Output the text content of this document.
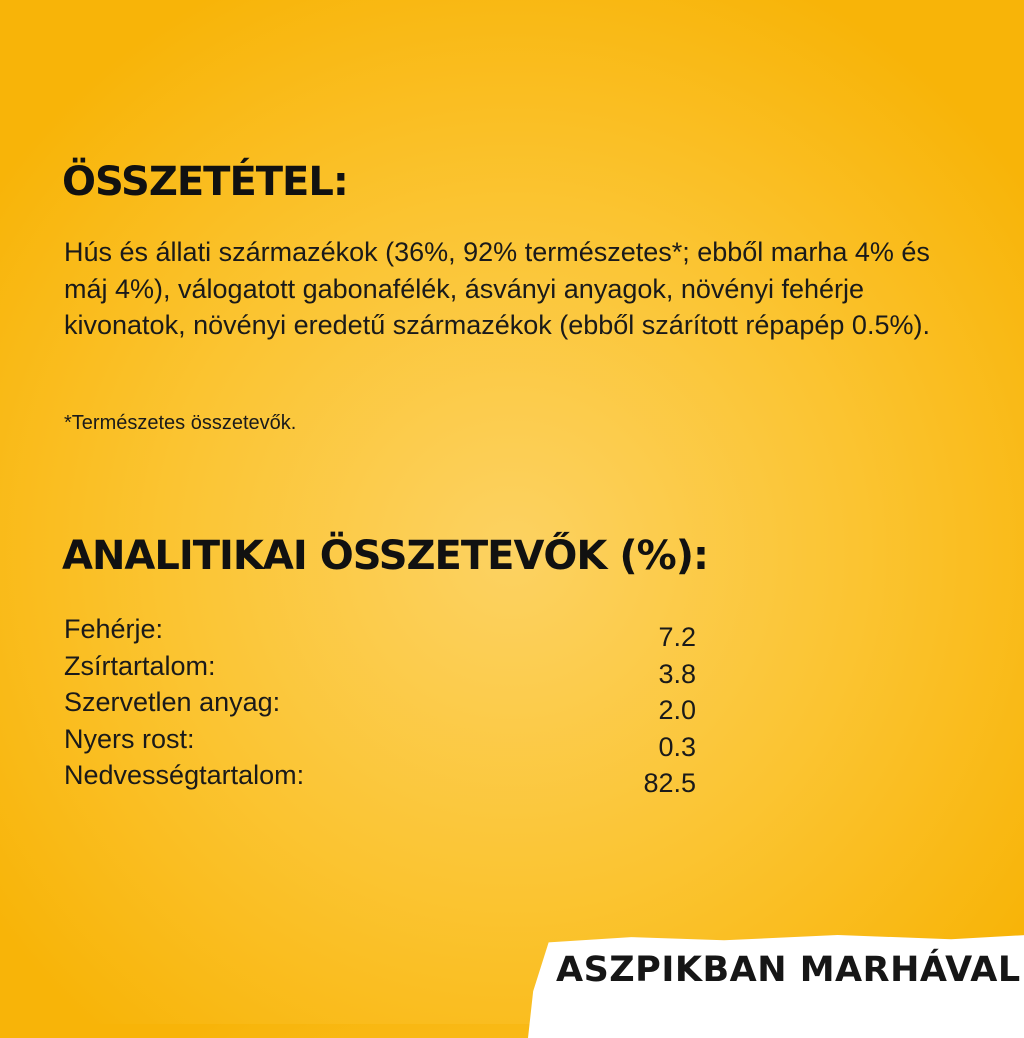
ÖSSZETÉTEL:

Hús és állati származékok (36%, 92% természetes*; ebből marha 4% és máj 4%), válogatott gabonafélék, ásványi anyagok, növényi fehérje kivonatok, növényi eredetű származékok (ebből szárított répapép 0.5%).

*Természetes összetevők.

ANALITIKAI ÖSSZETEVŐK (%):
Fehérje:	7.2
Zsírtartalom:	3.8
Szervetlen anyag:	2.0
Nyers rost:	0.3
Nedvességtartalom:	82.5

ASZPIKBAN MARHÁVAL
